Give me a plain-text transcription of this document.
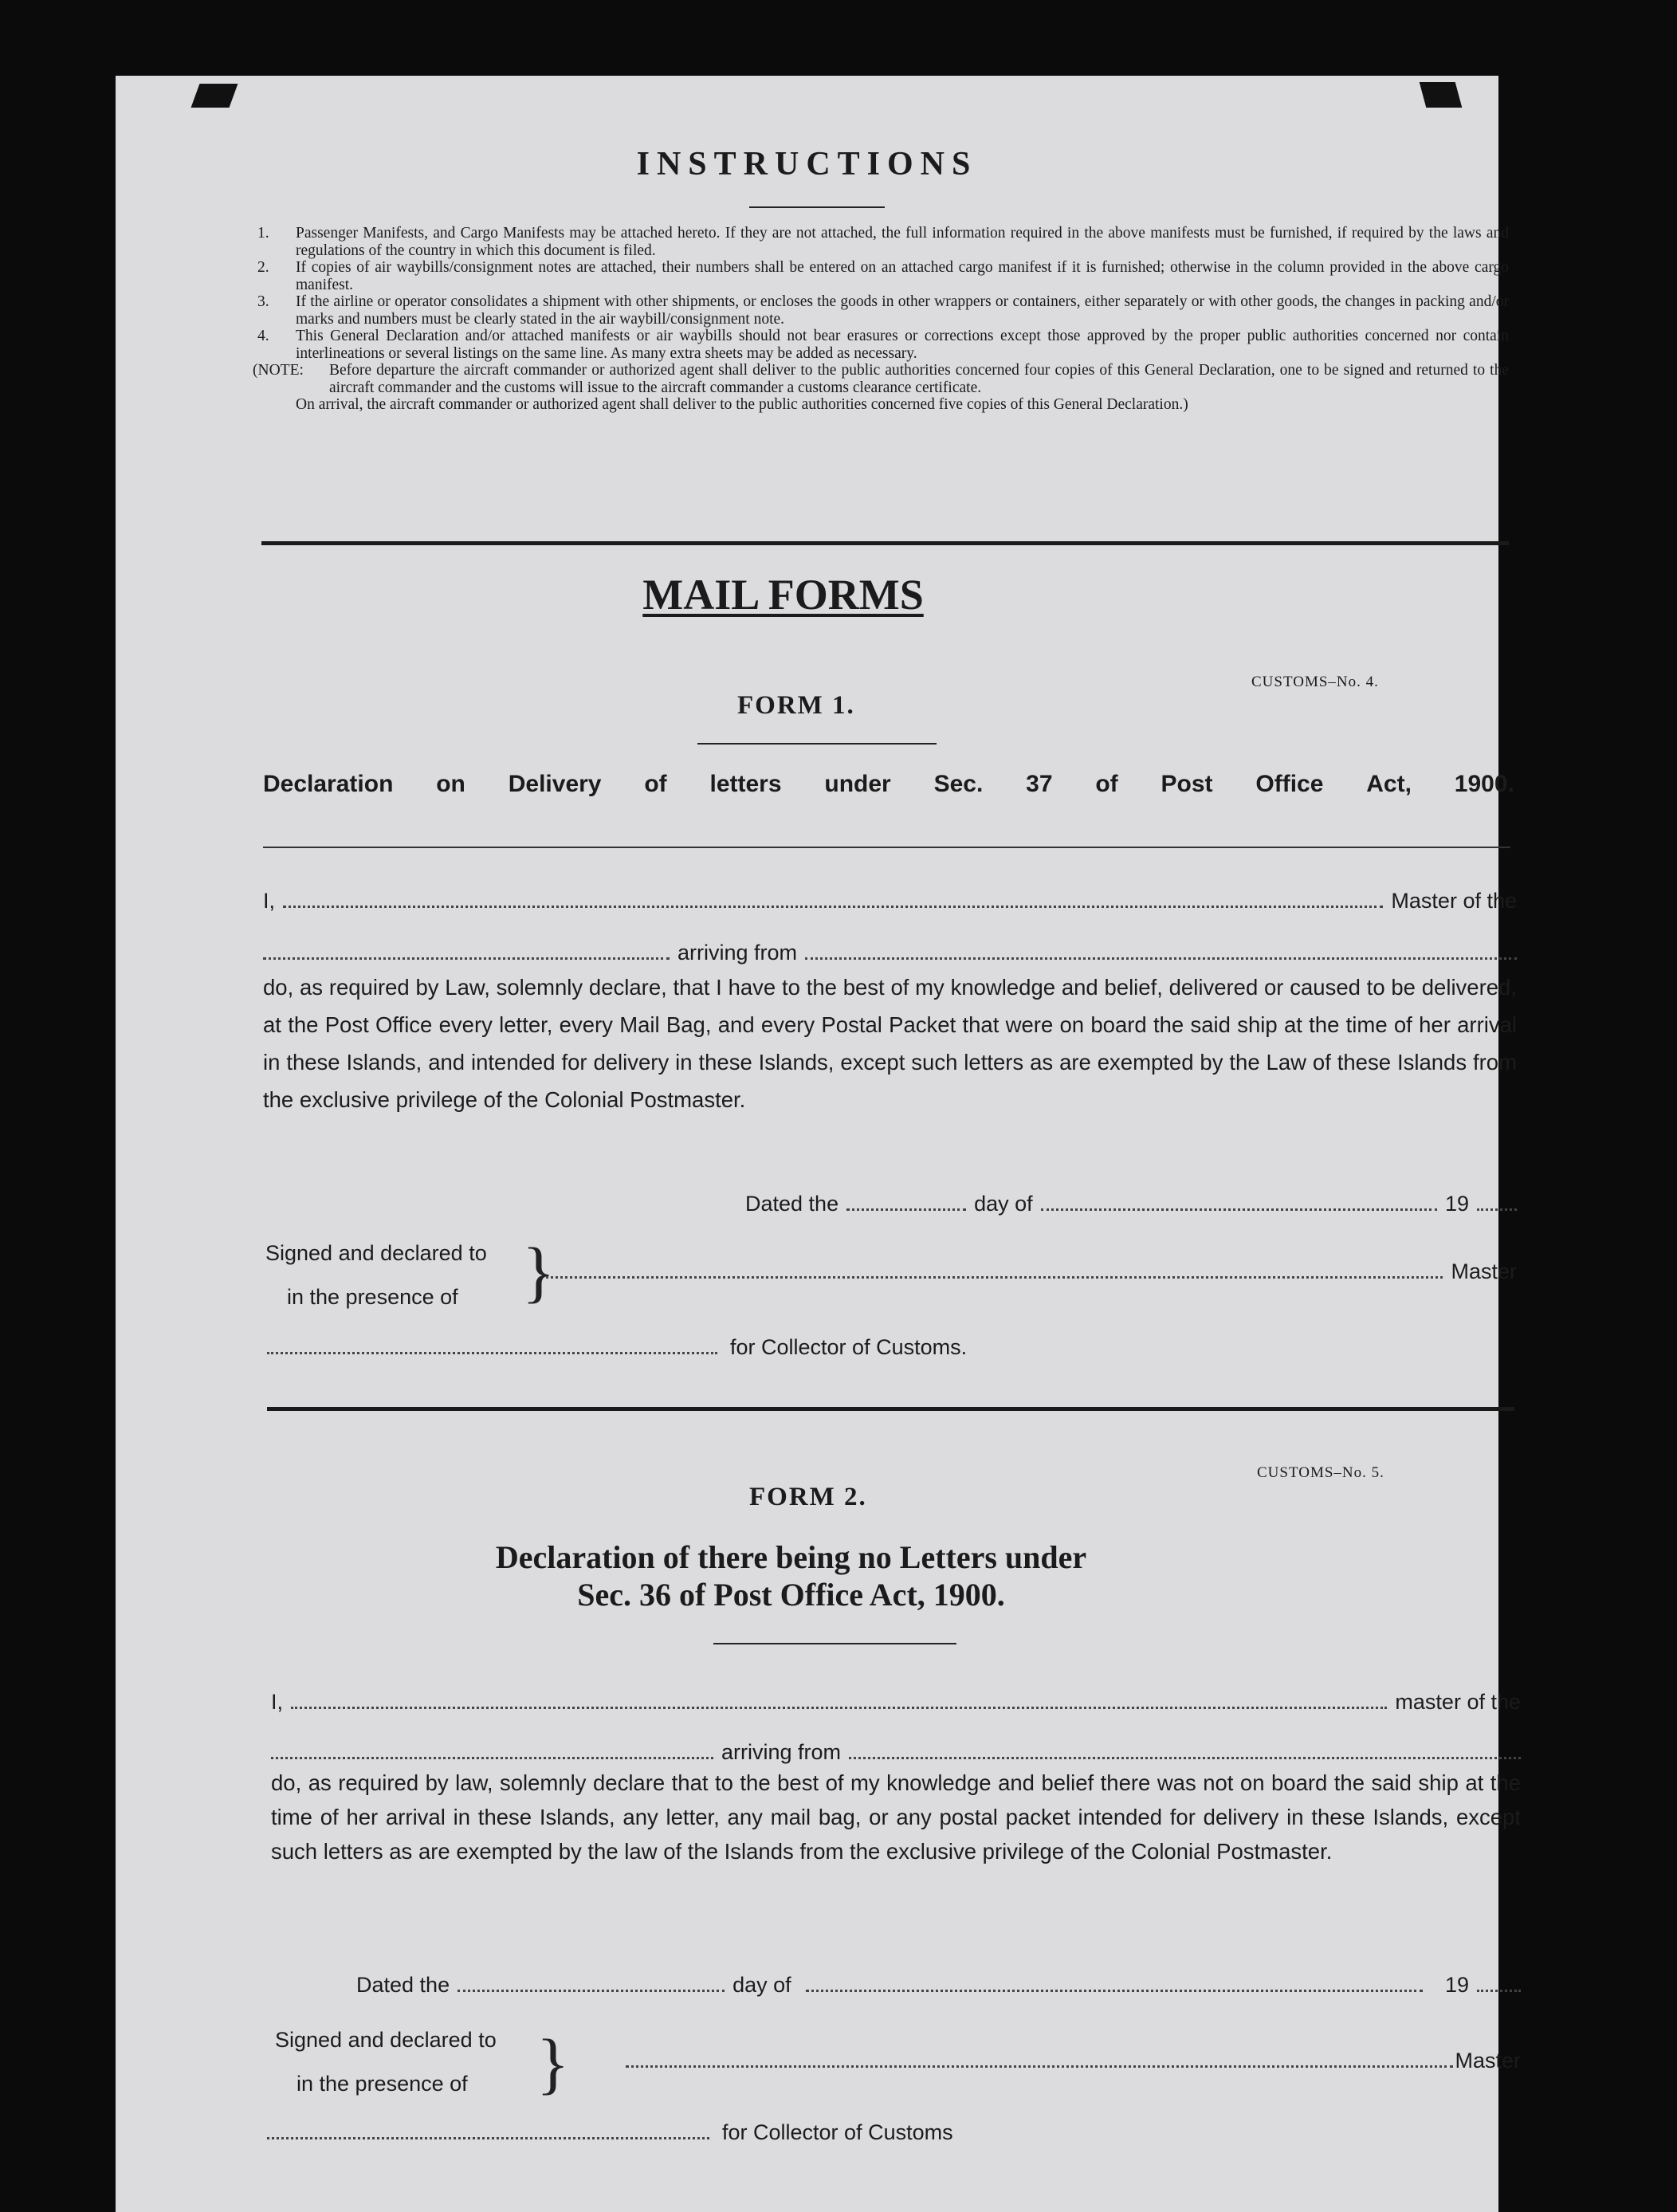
INSTRUCTIONS
1. Passenger Manifests, and Cargo Manifests may be attached hereto. If they are not attached, the full information required in the above manifests must be furnished, if required by the laws and regulations of the country in which this document is filed.
2. If copies of air waybills/consignment notes are attached, their numbers shall be entered on an attached cargo manifest if it is furnished; otherwise in the column provided in the above cargo manifest.
3. If the airline or operator consolidates a shipment with other shipments, or encloses the goods in other wrappers or containers, either separately or with other goods, the changes in packing and/or marks and numbers must be clearly stated in the air waybill/consignment note.
4. This General Declaration and/or attached manifests or air waybills should not bear erasures or corrections except those approved by the proper public authorities concerned nor contain interlineations or several listings on the same line. As many extra sheets may be added as necessary.
(NOTE:	Before departure the aircraft commander or authorized agent shall deliver to the public authorities concerned four copies of this General Declaration, one to be signed and returned to the aircraft commander and the customs will issue to the aircraft commander a customs clearance certificate.
On arrival, the aircraft commander or authorized agent shall deliver to the public authorities concerned five copies of this General Declaration.)
MAIL FORMS
CUSTOMS–No. 4.
FORM 1.
Declaration on Delivery of letters under Sec. 37 of Post Office Act, 1900.
I,	Master of the
arriving from
do, as required by Law, solemnly declare, that I have to the best of my knowledge and belief, delivered or caused to be delivered, at the Post Office every letter, every Mail Bag, and every Postal Packet that were on board the said ship at the time of her arrival in these Islands, and intended for delivery in these Islands, except such letters as are exempted by the Law of these Islands from the exclusive privilege of the Colonial Postmaster.
Dated the	day of	19
Signed and declared to
in the presence of }	Master
for Collector of Customs.
CUSTOMS–No. 5.
FORM 2.
Declaration of there being no Letters under
Sec. 36 of Post Office Act, 1900.
I,	master of the
arriving from
do, as required by law, solemnly declare that to the best of my knowledge and belief there was not on board the said ship at the time of her arrival in these Islands, any letter, any mail bag, or any postal packet intended for delivery in these Islands, except such letters as are exempted by the law of the Islands from the exclusive privilege of the Colonial Postmaster.
Dated the	day of	19
Signed and declared to
in the presence of	}	Master
for Collector of Customs
